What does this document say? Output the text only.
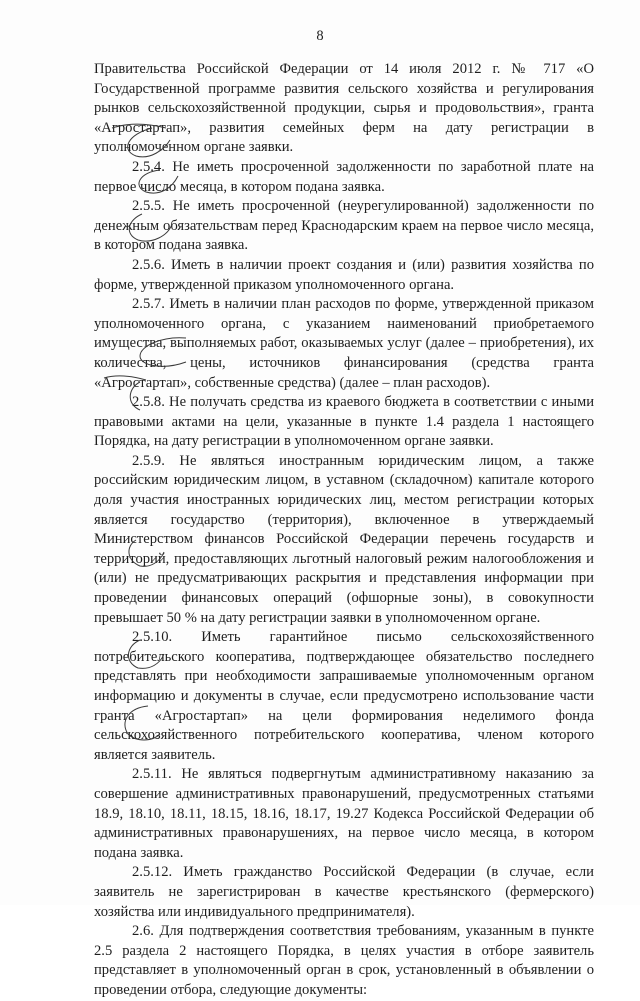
8

Правительства Российской Федерации от 14 июля 2012 г. № 717 «О Государственной программе развития сельского хозяйства и регулирования рынков сельскохозяйственной продукции, сырья и продовольствия», гранта «Агростартап», развития семейных ферм на дату регистрации в уполномоченном органе заявки.

2.5.4. Не иметь просроченной задолженности по заработной плате на первое число месяца, в котором подана заявка.

2.5.5. Не иметь просроченной (неурегулированной) задолженности по денежным обязательствам перед Краснодарским краем на первое число месяца, в котором подана заявка.

2.5.6. Иметь в наличии проект создания и (или) развития хозяйства по форме, утвержденной приказом уполномоченного органа.

2.5.7. Иметь в наличии план расходов по форме, утвержденной приказом уполномоченного органа, с указанием наименований приобретаемого имущества, выполняемых работ, оказываемых услуг (далее – приобретения), их количества, цены, источников финансирования (средства гранта «Агростартап», собственные средства) (далее – план расходов).

2.5.8. Не получать средства из краевого бюджета в соответствии с иными правовыми актами на цели, указанные в пункте 1.4 раздела 1 настоящего Порядка, на дату регистрации в уполномоченном органе заявки.

2.5.9. Не являться иностранным юридическим лицом, а также российским юридическим лицом, в уставном (складочном) капитале которого доля участия иностранных юридических лиц, местом регистрации которых является государство (территория), включенное в утверждаемый Министерством финансов Российской Федерации перечень государств и территорий, предоставляющих льготный налоговый режим налогообложения и (или) не предусматривающих раскрытия и представления информации при проведении финансовых операций (офшорные зоны), в совокупности превышает 50 % на дату регистрации заявки в уполномоченном органе.

2.5.10. Иметь гарантийное письмо сельскохозяйственного потребительского кооператива, подтверждающее обязательство последнего представлять при необходимости запрашиваемые уполномоченным органом информацию и документы в случае, если предусмотрено использование части гранта «Агростартап» на цели формирования неделимого фонда сельскохозяйственного потребительского кооператива, членом которого является заявитель.

2.5.11. Не являться подвергнутым административному наказанию за совершение административных правонарушений, предусмотренных статьями 18.9, 18.10, 18.11, 18.15, 18.16, 18.17, 19.27 Кодекса Российской Федерации об административных правонарушениях, на первое число месяца, в котором подана заявка.

2.5.12. Иметь гражданство Российской Федерации (в случае, если заявитель не зарегистрирован в качестве крестьянского (фермерского) хозяйства или индивидуального предпринимателя).

2.6. Для подтверждения соответствия требованиям, указанным в пункте 2.5 раздела 2 настоящего Порядка, в целях участия в отборе заявитель представляет в уполномоченный орган в срок, установленный в объявлении о проведении отбора, следующие документы:
